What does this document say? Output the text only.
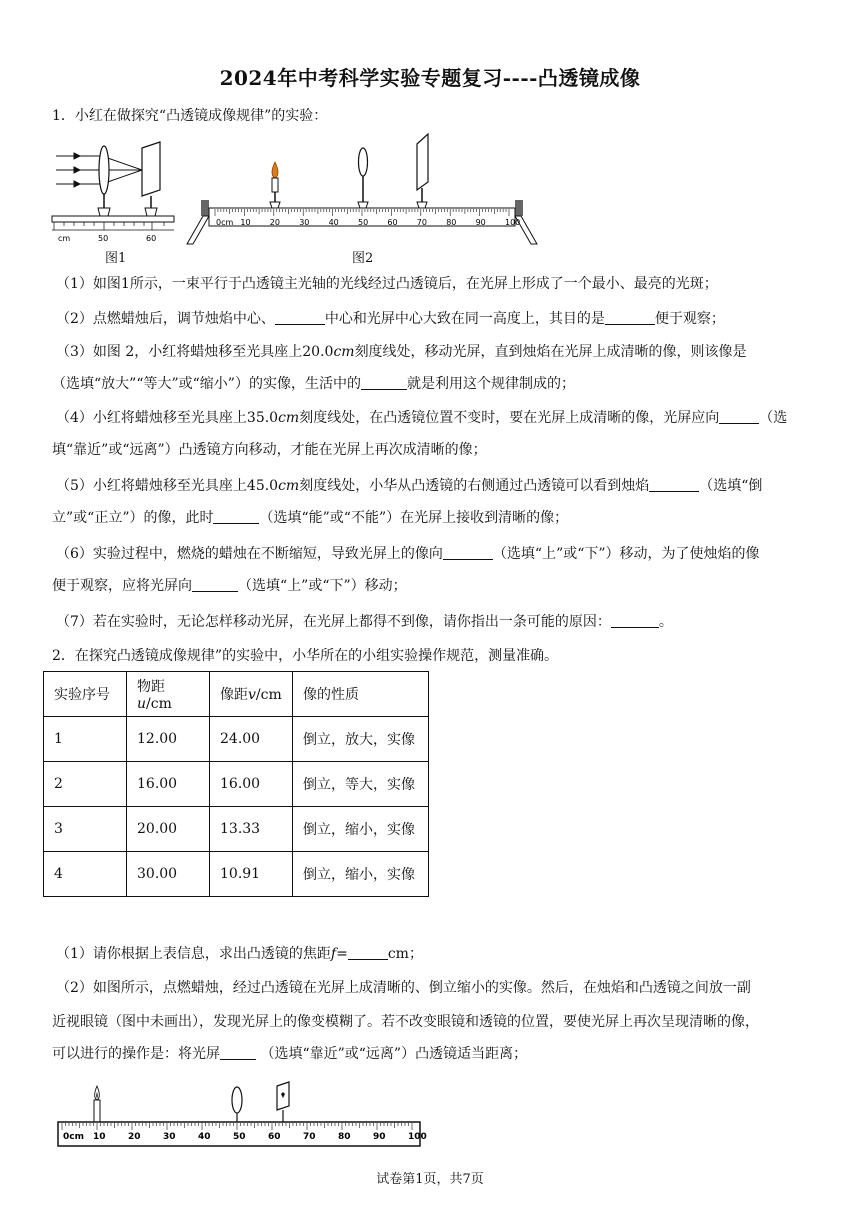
2024年中考科学实验专题复习----凸透镜成像
1．小红在做探究“凸透镜成像规律”的实验：
cm	50	60
图1
0cm 10 20 30 40 50 60 70 80 90 100
图2
（1）如图1所示，一束平行于凸透镜主光轴的光线经过凸透镜后，在光屏上形成了一个最小、最亮的光斑；
（2）点燃蜡烛后，调节烛焰中心、	中心和光屏中心大致在同一高度上，其目的是	便于观察；
（3）如图 2，小红将蜡烛移至光具座上20.0cm刻度线处，移动光屏，直到烛焰在光屏上成清晰的像，则该像是
（选填“放大”“等大”或“缩小”）的实像，生活中的	就是利用这个规律制成的；
（4）小红将蜡烛移至光具座上35.0cm刻度线处，在凸透镜位置不变时，要在光屏上成清晰的像，光屏应向	（选
填“靠近”或“远离”）凸透镜方向移动，才能在光屏上再次成清晰的像；
（5）小红将蜡烛移至光具座上45.0cm刻度线处，小华从凸透镜的右侧通过凸透镜可以看到烛焰	（选填“倒
立”或“正立”）的像，此时	（选填“能”或“不能”）在光屏上接收到清晰的像；
（6）实验过程中，燃烧的蜡烛在不断缩短，导致光屏上的像向	（选填“上”或“下”）移动，为了使烛焰的像
便于观察，应将光屏向	（选填“上”或“下”）移动；
（7）若在实验时，无论怎样移动光屏，在光屏上都得不到像，请你指出一条可能的原因：	。
2．在探究凸透镜成像规律”的实验中，小华所在的小组实验操作规范，测量准确。
实验序号	物距u/cm	像距v/cm	像的性质
1	12.00	24.00	倒立，放大，实像
2	16.00	16.00	倒立，等大，实像
3	20.00	13.33	倒立，缩小，实像
4	30.00	10.91	倒立，缩小，实像
（1）请你根据上表信息，求出凸透镜的焦距f=	cm；
（2）如图所示，点燃蜡烛，经过凸透镜在光屏上成清晰的、倒立缩小的实像。然后，在烛焰和凸透镜之间放一副
近视眼镜（图中未画出），发现光屏上的像变模糊了。若不改变眼镜和透镜的位置，要使光屏上再次呈现清晰的像，
可以进行的操作是：将光屏	（选填“靠近”或“远离”）凸透镜适当距离；
0cm 10 20 30 40 50 60 70 80 90 100
试卷第1页，共7页
